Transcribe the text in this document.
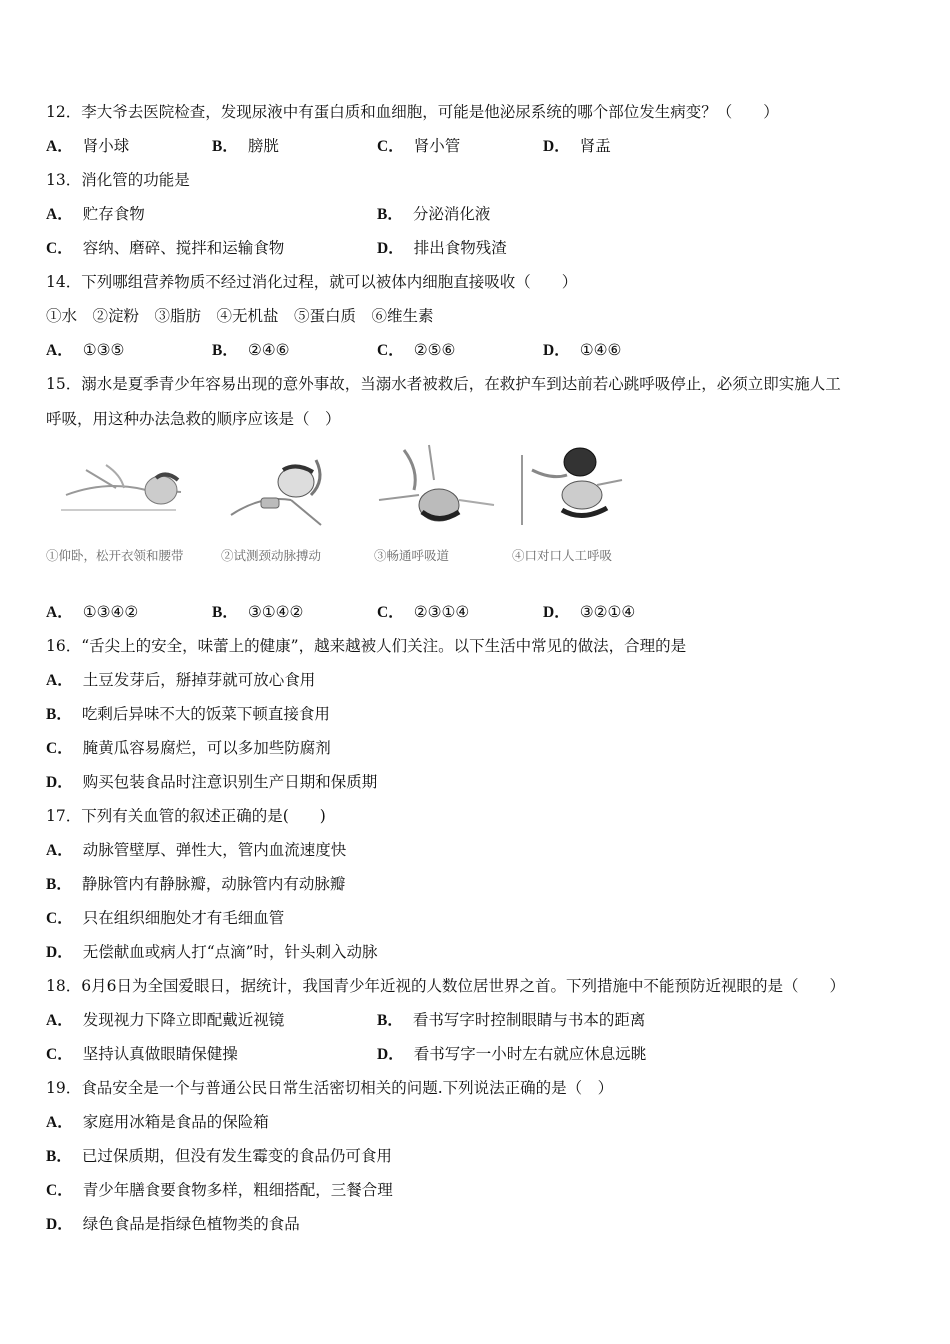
12．李大爷去医院检查，发现尿液中有蛋白质和血细胞，可能是他泌尿系统的哪个部位发生病变？（　　）
A． 肾小球	B． 膀胱	C． 肾小管	D． 肾盂
13．消化管的功能是
A． 贮存食物	B． 分泌消化液
C． 容纳、磨碎、搅拌和运输食物	D． 排出食物残渣
14．下列哪组营养物质不经过消化过程，就可以被体内细胞直接吸收（　　）
①水　②淀粉　③脂肪　④无机盐　⑤蛋白质　⑥维生素
A． ①③⑤	B． ②④⑥	C． ②⑤⑥	D． ①④⑥
15．溺水是夏季青少年容易出现的意外事故，当溺水者被救后，在救护车到达前若心跳呼吸停止，必须立即实施人工
呼吸，用这种办法急救的顺序应该是（　）
①仰卧，松开衣领和腰带	②试测颈动脉搏动	③畅通呼吸道	④口对口人工呼吸
A． ①③④②	B． ③①④②	C． ②③①④	D． ③②①④
16．“舌尖上的安全，味蕾上的健康”，越来越被人们关注。以下生活中常见的做法，合理的是
A． 土豆发芽后，掰掉芽就可放心食用
B． 吃剩后异味不大的饭菜下顿直接食用
C． 腌黄瓜容易腐烂，可以多加些防腐剂
D． 购买包装食品时注意识别生产日期和保质期
17．下列有关血管的叙述正确的是(　　)
A． 动脉管壁厚、弹性大，管内血流速度快
B． 静脉管内有静脉瓣，动脉管内有动脉瓣
C． 只在组织细胞处才有毛细血管
D． 无偿献血或病人打“点滴”时，针头刺入动脉
18．6月6日为全国爱眼日，据统计，我国青少年近视的人数位居世界之首。下列措施中不能预防近视眼的是（　　）
A． 发现视力下降立即配戴近视镜	B． 看书写字时控制眼睛与书本的距离
C． 坚持认真做眼睛保健操	D． 看书写字一小时左右就应休息远眺
19．食品安全是一个与普通公民日常生活密切相关的问题.下列说法正确的是（　）
A． 家庭用冰箱是食品的保险箱
B． 已过保质期，但没有发生霉变的食品仍可食用
C． 青少年膳食要食物多样，粗细搭配，三餐合理
D． 绿色食品是指绿色植物类的食品
